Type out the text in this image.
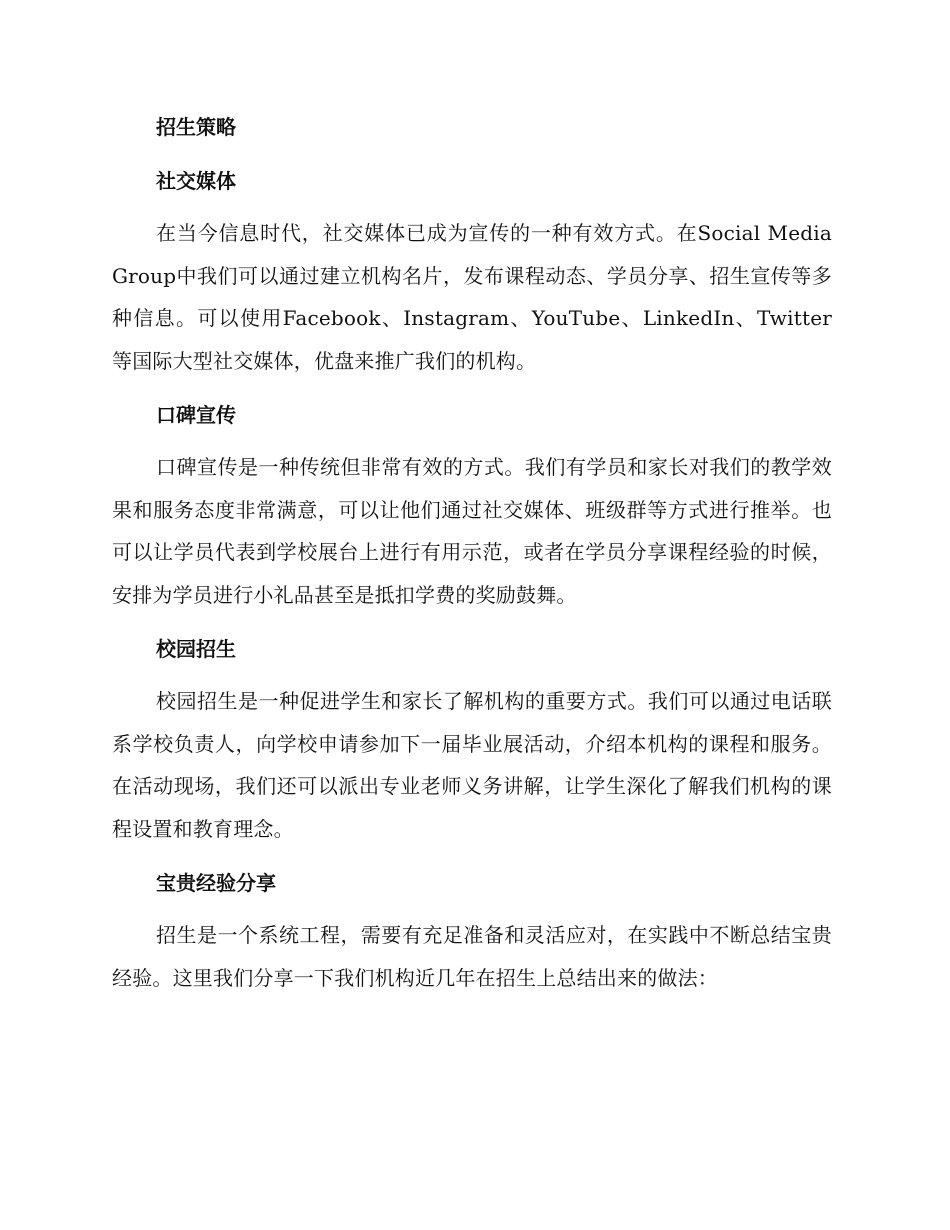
招生策略
社交媒体

在当今信息时代，社交媒体已成为宣传的一种有效方式。在Social Media Group中我们可以通过建立机构名片，发布课程动态、学员分享、招生宣传等多种信息。可以使用Facebook、Instagram、YouTube、LinkedIn、Twitter等国际大型社交媒体，优盘来推广我们的机构。

口碑宣传

口碑宣传是一种传统但非常有效的方式。我们有学员和家长对我们的教学效果和服务态度非常满意，可以让他们通过社交媒体、班级群等方式进行推举。也可以让学员代表到学校展台上进行有用示范，或者在学员分享课程经验的时候，安排为学员进行小礼品甚至是抵扣学费的奖励鼓舞。

校园招生

校园招生是一种促进学生和家长了解机构的重要方式。我们可以通过电话联系学校负责人，向学校申请参加下一届毕业展活动，介绍本机构的课程和服务。在活动现场，我们还可以派出专业老师义务讲解，让学生深化了解我们机构的课程设置和教育理念。

宝贵经验分享

招生是一个系统工程，需要有充足准备和灵活应对，在实践中不断总结宝贵经验。这里我们分享一下我们机构近几年在招生上总结出来的做法：
